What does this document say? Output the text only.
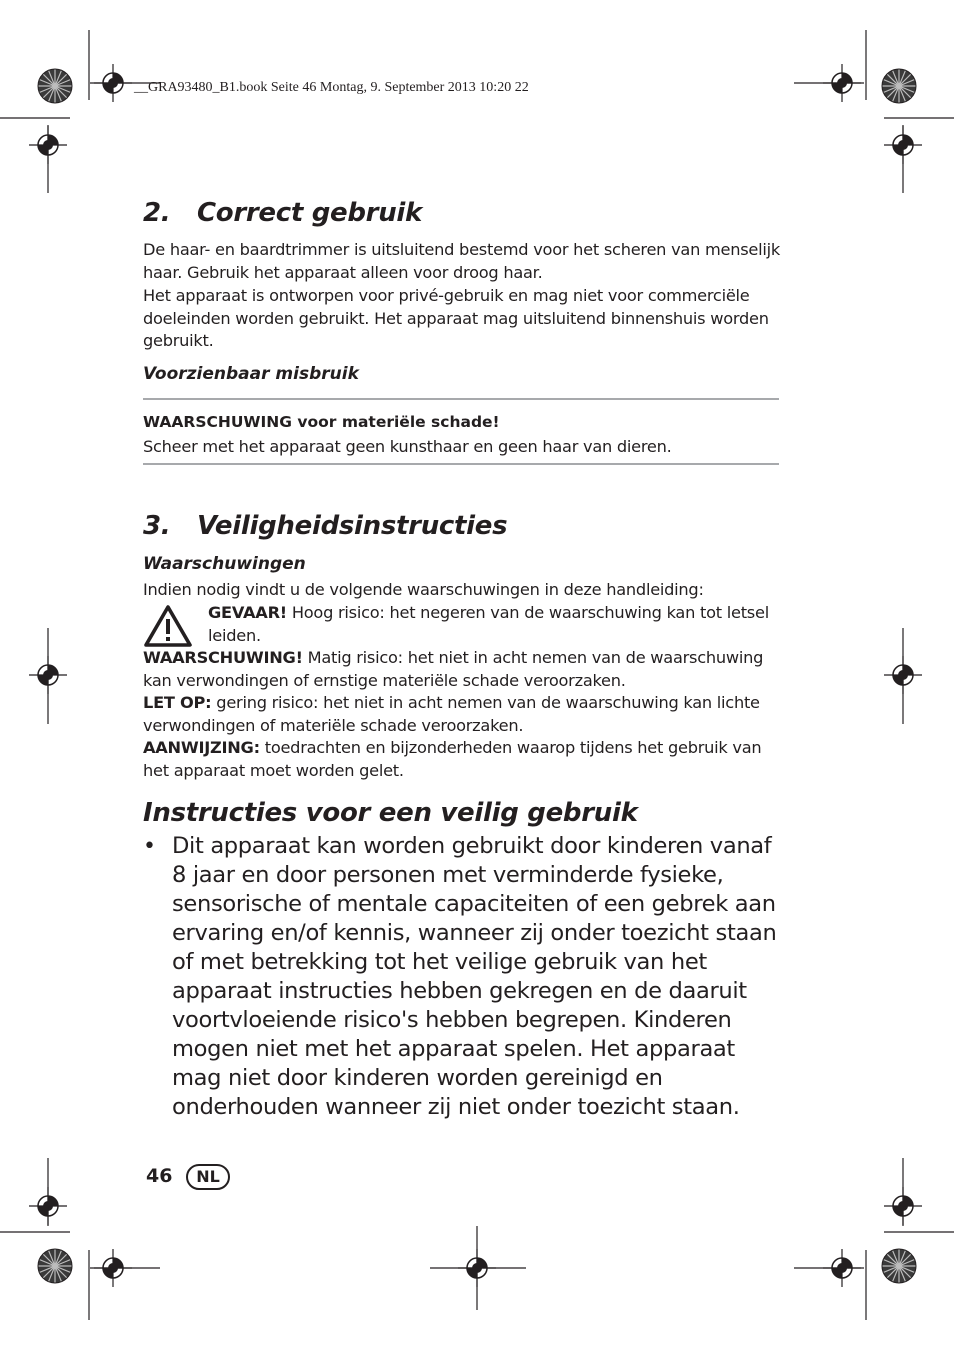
__GRA93480_B1.book Seite 46 Montag, 9. September 2013 10:20 22
2. Correct gebruik
De haar- en baardtrimmer is uitsluitend bestemd voor het scheren van menselijk haar. Gebruik het apparaat alleen voor droog haar.
Het apparaat is ontworpen voor privé-gebruik en mag niet voor commerciële doeleinden worden gebruikt. Het apparaat mag uitsluitend binnenshuis worden gebruikt.
Voorzienbaar misbruik
WAARSCHUWING voor materiële schade!
Scheer met het apparaat geen kunsthaar en geen haar van dieren.
3. Veiligheidsinstructies
Waarschuwingen
Indien nodig vindt u de volgende waarschuwingen in deze handleiding:
GEVAAR! Hoog risico: het negeren van de waarschuwing kan tot letsel leiden.
WAARSCHUWING! Matig risico: het niet in acht nemen van de waarschuwing kan verwondingen of ernstige materiële schade veroorzaken.
LET OP: gering risico: het niet in acht nemen van de waarschuwing kan lichte verwondingen of materiële schade veroorzaken.
AANWIJZING: toedrachten en bijzonderheden waarop tijdens het gebruik van het apparaat moet worden gelet.
Instructies voor een veilig gebruik
• Dit apparaat kan worden gebruikt door kinderen vanaf 8 jaar en door personen met verminderde fysieke, sensorische of mentale capaciteiten of een gebrek aan ervaring en/of kennis, wanneer zij onder toezicht staan of met betrekking tot het veilige gebruik van het apparaat instructies hebben gekregen en de daaruit voortvloeiende risico's hebben begrepen. Kinderen mogen niet met het apparaat spelen. Het apparaat mag niet door kinderen worden gereinigd en onderhouden wanneer zij niet onder toezicht staan.
46	NL
